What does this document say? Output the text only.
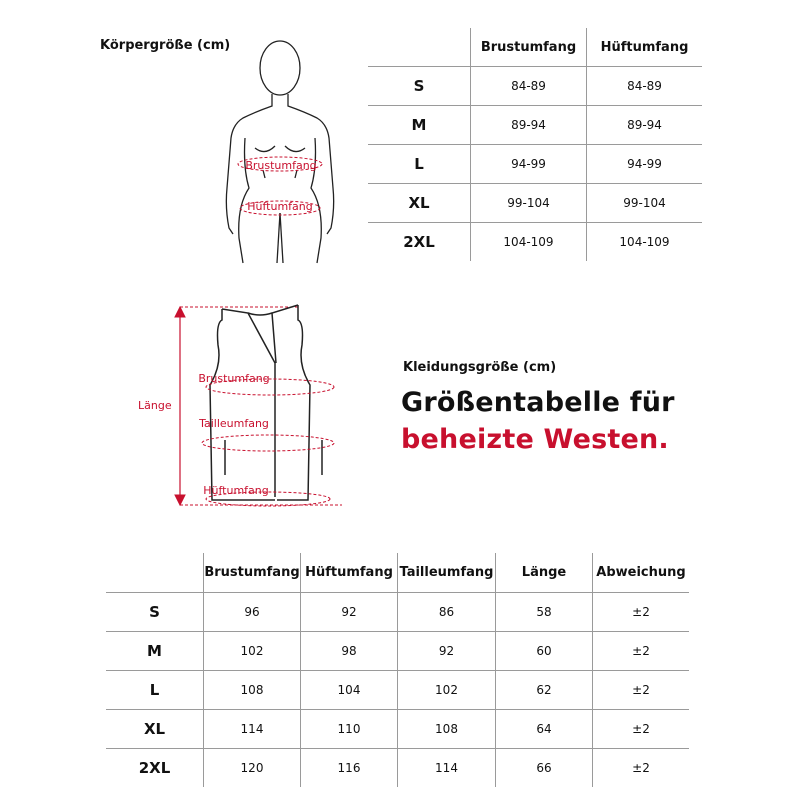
Körpergröße (cm)
Brustumfang
Hüftumfang
	Brustumfang	Hüftumfang
S	84-89	84-89
M	89-94	89-94
L	94-99	94-99
XL	99-104	99-104
2XL	104-109	104-109
Länge
Brustumfang
Tailleumfang
Hüftumfang
Kleidungsgröße (cm)
Größentabelle für
beheizte Westen.
	Brustumfang	Hüftumfang	Tailleumfang	Länge	Abweichung
S	96	92	86	58	±2
M	102	98	92	60	±2
L	108	104	102	62	±2
XL	114	110	108	64	±2
2XL	120	116	114	66	±2
